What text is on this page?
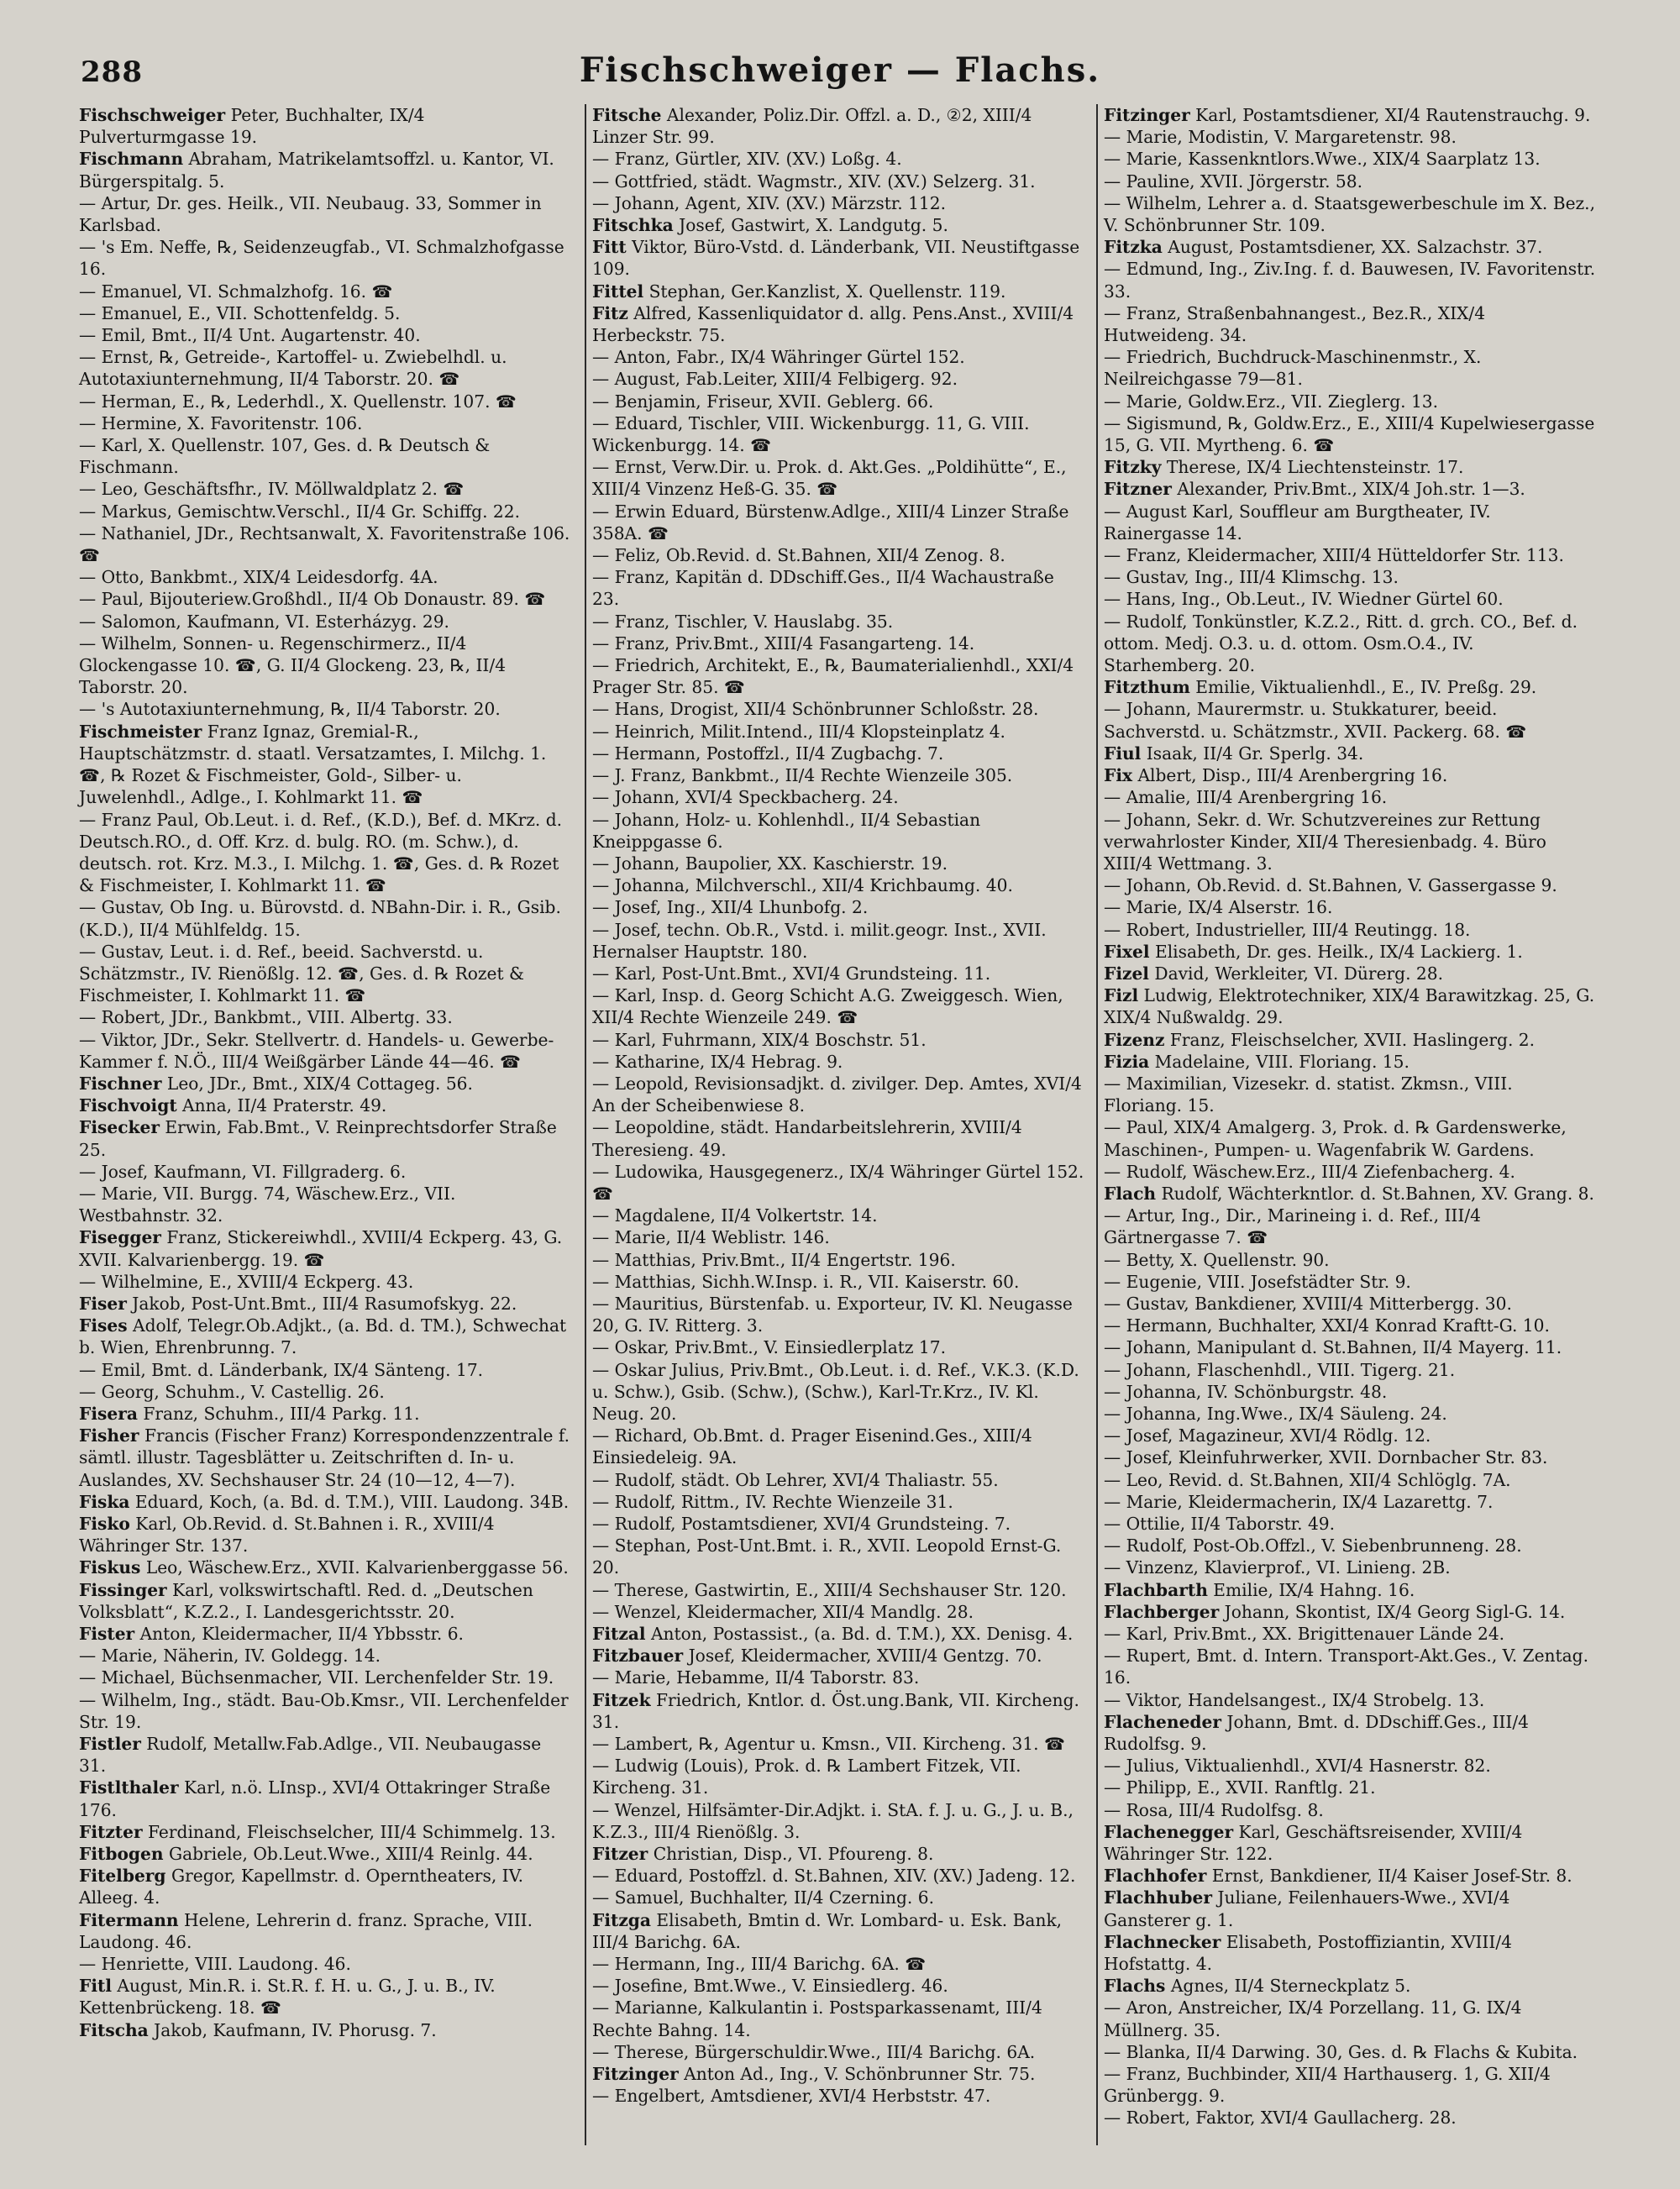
288	Fischschweiger — Flachs.

Fischschweiger Peter, Buchhalter, IX/4 Pulverturmgasse 19.

Fischmann Abraham, Matrikelamtsoffzl. u. Kantor, VI. Bürgerspitalg. 5.

— Artur, Dr. ges. Heilk., VII. Neubaug. 33, Sommer in Karlsbad.

— 's Em. Neffe, ℞, Seidenzeugfab., VI. Schmalzhofgasse 16.

— Emanuel, VI. Schmalzhofg. 16. ☎

— Emanuel, E., VII. Schottenfeldg. 5.

— Emil, Bmt., II/4 Unt. Augartenstr. 40.

— Ernst, ℞, Getreide-, Kartoffel- u. Zwiebelhdl. u. Autotaxiunternehmung, II/4 Taborstr. 20. ☎

— Herman, E., ℞, Lederhdl., X. Quellenstr. 107. ☎

— Hermine, X. Favoritenstr. 106.

— Karl, X. Quellenstr. 107, Ges. d. ℞ Deutsch & Fischmann.

— Leo, Geschäftsfhr., IV. Möllwaldplatz 2. ☎

— Markus, Gemischtw.Verschl., II/4 Gr. Schiffg. 22.

— Nathaniel, JDr., Rechtsanwalt, X. Favoritenstraße 106. ☎

— Otto, Bankbmt., XIX/4 Leidesdorfg. 4A.

— Paul, Bijouteriew.Großhdl., II/4 Ob Donaustr. 89. ☎

— Salomon, Kaufmann, VI. Esterházyg. 29.

— Wilhelm, Sonnen- u. Regenschirmerz., II/4 Glockengasse 10. ☎, G. II/4 Glockeng. 23, ℞, II/4 Taborstr. 20.

— 's Autotaxiunternehmung, ℞, II/4 Taborstr. 20.

Fischmeister Franz Ignaz, Gremial-R., Hauptschätzmstr. d. staatl. Versatzamtes, I. Milchg. 1. ☎, ℞ Rozet & Fischmeister, Gold-, Silber- u. Juwelenhdl., Adlge., I. Kohlmarkt 11. ☎

— Franz Paul, Ob.Leut. i. d. Ref., (K.D.), Bef. d. MKrz. d. Deutsch.RO., d. Off. Krz. d. bulg. RO. (m. Schw.), d. deutsch. rot. Krz. M.3., I. Milchg. 1. ☎, Ges. d. ℞ Rozet & Fischmeister, I. Kohlmarkt 11. ☎

— Gustav, Ob Ing. u. Bürovstd. d. NBahn-Dir. i. R., Gsib. (K.D.), II/4 Mühlfeldg. 15.

— Gustav, Leut. i. d. Ref., beeid. Sachverstd. u. Schätzmstr., IV. Rienößlg. 12. ☎, Ges. d. ℞ Rozet & Fischmeister, I. Kohlmarkt 11. ☎

— Robert, JDr., Bankbmt., VIII. Albertg. 33.

— Viktor, JDr., Sekr. Stellvertr. d. Handels- u. Gewerbe-Kammer f. N.Ö., III/4 Weißgärber Lände 44—46. ☎

Fischner Leo, JDr., Bmt., XIX/4 Cottageg. 56.

Fischvoigt Anna, II/4 Praterstr. 49.

Fisecker Erwin, Fab.Bmt., V. Reinprechtsdorfer Straße 25.

— Josef, Kaufmann, VI. Fillgraderg. 6.

— Marie, VII. Burgg. 74, Wäschew.Erz., VII. Westbahnstr. 32.

Fisegger Franz, Stickereiwhdl., XVIII/4 Eckperg. 43, G. XVII. Kalvarienbergg. 19. ☎

— Wilhelmine, E., XVIII/4 Eckperg. 43.

Fiser Jakob, Post-Unt.Bmt., III/4 Rasumofskyg. 22.

Fises Adolf, Telegr.Ob.Adjkt., (a. Bd. d. TM.), Schwechat b. Wien, Ehrenbrunng. 7.

— Emil, Bmt. d. Länderbank, IX/4 Sänteng. 17.

— Georg, Schuhm., V. Castellig. 26.

Fisera Franz, Schuhm., III/4 Parkg. 11.

Fisher Francis (Fischer Franz) Korrespondenzzentrale f. sämtl. illustr. Tagesblätter u. Zeitschriften d. In- u. Auslandes, XV. Sechshauser Str. 24 (10—12, 4—7).

Fiska Eduard, Koch, (a. Bd. d. T.M.), VIII. Laudong. 34B.

Fisko Karl, Ob.Revid. d. St.Bahnen i. R., XVIII/4 Währinger Str. 137.

Fiskus Leo, Wäschew.Erz., XVII. Kalvarienberggasse 56.

Fissinger Karl, volkswirtschaftl. Red. d. „Deutschen Volksblatt“, K.Z.2., I. Landesgerichtsstr. 20.

Fister Anton, Kleidermacher, II/4 Ybbsstr. 6.

— Marie, Näherin, IV. Goldegg. 14.

— Michael, Büchsenmacher, VII. Lerchenfelder Str. 19.

— Wilhelm, Ing., städt. Bau-Ob.Kmsr., VII. Lerchenfelder Str. 19.

Fistler Rudolf, Metallw.Fab.Adlge., VII. Neubaugasse 31.

Fistlthaler Karl, n.ö. LInsp., XVI/4 Ottakringer Straße 176.

Fitzter Ferdinand, Fleischselcher, III/4 Schimmelg. 13.

Fitbogen Gabriele, Ob.Leut.Wwe., XIII/4 Reinlg. 44.

Fitelberg Gregor, Kapellmstr. d. Operntheaters, IV. Alleeg. 4.

Fitermann Helene, Lehrerin d. franz. Sprache, VIII. Laudong. 46.

— Henriette, VIII. Laudong. 46.

Fitl August, Min.R. i. St.R. f. H. u. G., J. u. B., IV. Kettenbrückeng. 18. ☎

Fitscha Jakob, Kaufmann, IV. Phorusg. 7.

Fitsche Alexander, Poliz.Dir. Offzl. a. D., ②2, XIII/4 Linzer Str. 99.

— Franz, Gürtler, XIV. (XV.) Loßg. 4.

— Gottfried, städt. Wagmstr., XIV. (XV.) Selzerg. 31.

— Johann, Agent, XIV. (XV.) Märzstr. 112.

Fitschka Josef, Gastwirt, X. Landgutg. 5.

Fitt Viktor, Büro-Vstd. d. Länderbank, VII. Neustiftgasse 109.

Fittel Stephan, Ger.Kanzlist, X. Quellenstr. 119.

Fitz Alfred, Kassenliquidator d. allg. Pens.Anst., XVIII/4 Herbeckstr. 75.

— Anton, Fabr., IX/4 Währinger Gürtel 152.

— August, Fab.Leiter, XIII/4 Felbigerg. 92.

— Benjamin, Friseur, XVII. Geblerg. 66.

— Eduard, Tischler, VIII. Wickenburgg. 11, G. VIII. Wickenburgg. 14. ☎

— Ernst, Verw.Dir. u. Prok. d. Akt.Ges. „Poldihütte“, E., XIII/4 Vinzenz Heß-G. 35. ☎

— Erwin Eduard, Bürstenw.Adlge., XIII/4 Linzer Straße 358A. ☎

— Feliz, Ob.Revid. d. St.Bahnen, XII/4 Zenog. 8.

— Franz, Kapitän d. DDschiff.Ges., II/4 Wachaustraße 23.

— Franz, Tischler, V. Hauslabg. 35.

— Franz, Priv.Bmt., XIII/4 Fasangarteng. 14.

— Friedrich, Architekt, E., ℞, Baumaterialienhdl., XXI/4 Prager Str. 85. ☎

— Hans, Drogist, XII/4 Schönbrunner Schloßstr. 28.

— Heinrich, Milit.Intend., III/4 Klopsteinplatz 4.

— Hermann, Postoffzl., II/4 Zugbachg. 7.

— J. Franz, Bankbmt., II/4 Rechte Wienzeile 305.

— Johann, XVI/4 Speckbacherg. 24.

— Johann, Holz- u. Kohlenhdl., II/4 Sebastian Kneippgasse 6.

— Johann, Baupolier, XX. Kaschierstr. 19.

— Johanna, Milchverschl., XII/4 Krichbaumg. 40.

— Josef, Ing., XII/4 Lhunbofg. 2.

— Josef, techn. Ob.R., Vstd. i. milit.geogr. Inst., XVII. Hernalser Hauptstr. 180.

— Karl, Post-Unt.Bmt., XVI/4 Grundsteing. 11.

— Karl, Insp. d. Georg Schicht A.G. Zweiggesch. Wien, XII/4 Rechte Wienzeile 249. ☎

— Karl, Fuhrmann, XIX/4 Boschstr. 51.

— Katharine, IX/4 Hebrag. 9.

— Leopold, Revisionsadjkt. d. zivilger. Dep. Amtes, XVI/4 An der Scheibenwiese 8.

— Leopoldine, städt. Handarbeitslehrerin, XVIII/4 Theresieng. 49.

— Ludowika, Hausgegenerz., IX/4 Währinger Gürtel 152. ☎

— Magdalene, II/4 Volkertstr. 14.

— Marie, II/4 Weblistr. 146.

— Matthias, Priv.Bmt., II/4 Engertstr. 196.

— Matthias, Sichh.W.Insp. i. R., VII. Kaiserstr. 60.

— Mauritius, Bürstenfab. u. Exporteur, IV. Kl. Neugasse 20, G. IV. Ritterg. 3.

— Oskar, Priv.Bmt., V. Einsiedlerplatz 17.

— Oskar Julius, Priv.Bmt., Ob.Leut. i. d. Ref., V.K.3. (K.D. u. Schw.), Gsib. (Schw.), (Schw.), Karl-Tr.Krz., IV. Kl. Neug. 20.

— Richard, Ob.Bmt. d. Prager Eisenind.Ges., XIII/4 Einsiedeleig. 9A.

— Rudolf, städt. Ob Lehrer, XVI/4 Thaliastr. 55.

— Rudolf, Rittm., IV. Rechte Wienzeile 31.

— Rudolf, Postamtsdiener, XVI/4 Grundsteing. 7.

— Stephan, Post-Unt.Bmt. i. R., XVII. Leopold Ernst-G. 20.

— Therese, Gastwirtin, E., XIII/4 Sechshauser Str. 120.

— Wenzel, Kleidermacher, XII/4 Mandlg. 28.

Fitzal Anton, Postassist., (a. Bd. d. T.M.), XX. Denisg. 4.

Fitzbauer Josef, Kleidermacher, XVIII/4 Gentzg. 70.

— Marie, Hebamme, II/4 Taborstr. 83.

Fitzek Friedrich, Kntlor. d. Öst.ung.Bank, VII. Kircheng. 31.

— Lambert, ℞, Agentur u. Kmsn., VII. Kircheng. 31. ☎

— Ludwig (Louis), Prok. d. ℞ Lambert Fitzek, VII. Kircheng. 31.

— Wenzel, Hilfsämter-Dir.Adjkt. i. StA. f. J. u. G., J. u. B., K.Z.3., III/4 Rienößlg. 3.

Fitzer Christian, Disp., VI. Pfoureng. 8.

— Eduard, Postoffzl. d. St.Bahnen, XIV. (XV.) Jadeng. 12.

— Samuel, Buchhalter, II/4 Czerning. 6.

Fitzga Elisabeth, Bmtin d. Wr. Lombard- u. Esk. Bank, III/4 Barichg. 6A.

— Hermann, Ing., III/4 Barichg. 6A. ☎

— Josefine, Bmt.Wwe., V. Einsiedlerg. 46.

— Marianne, Kalkulantin i. Postsparkassenamt, III/4 Rechte Bahng. 14.

— Therese, Bürgerschuldir.Wwe., III/4 Barichg. 6A.

Fitzinger Anton Ad., Ing., V. Schönbrunner Str. 75.

— Engelbert, Amtsdiener, XVI/4 Herbststr. 47.

Fitzinger Karl, Postamtsdiener, XI/4 Rautenstrauchg. 9.

— Marie, Modistin, V. Margaretenstr. 98.

— Marie, Kassenkntlors.Wwe., XIX/4 Saarplatz 13.

— Pauline, XVII. Jörgerstr. 58.

— Wilhelm, Lehrer a. d. Staatsgewerbeschule im X. Bez., V. Schönbrunner Str. 109.

Fitzka August, Postamtsdiener, XX. Salzachstr. 37.

— Edmund, Ing., Ziv.Ing. f. d. Bauwesen, IV. Favoritenstr. 33.

— Franz, Straßenbahnangest., Bez.R., XIX/4 Hutweideng. 34.

— Friedrich, Buchdruck-Maschinenmstr., X. Neilreichgasse 79—81.

— Marie, Goldw.Erz., VII. Zieglerg. 13.

— Sigismund, ℞, Goldw.Erz., E., XIII/4 Kupelwiesergasse 15, G. VII. Myrtheng. 6. ☎

Fitzky Therese, IX/4 Liechtensteinstr. 17.

Fitzner Alexander, Priv.Bmt., XIX/4 Joh.str. 1—3.

— August Karl, Souffleur am Burgtheater, IV. Rainergasse 14.

— Franz, Kleidermacher, XIII/4 Hütteldorfer Str. 113.

— Gustav, Ing., III/4 Klimschg. 13.

— Hans, Ing., Ob.Leut., IV. Wiedner Gürtel 60.

— Rudolf, Tonkünstler, K.Z.2., Ritt. d. grch. CO., Bef. d. ottom. Medj. O.3. u. d. ottom. Osm.O.4., IV. Starhemberg. 20.

Fitzthum Emilie, Viktualienhdl., E., IV. Preßg. 29.

— Johann, Maurermstr. u. Stukkaturer, beeid. Sachverstd. u. Schätzmstr., XVII. Packerg. 68. ☎

Fiul Isaak, II/4 Gr. Sperlg. 34.

Fix Albert, Disp., III/4 Arenbergring 16.

— Amalie, III/4 Arenbergring 16.

— Johann, Sekr. d. Wr. Schutzvereines zur Rettung verwahrloster Kinder, XII/4 Theresienbadg. 4. Büro XIII/4 Wettmang. 3.

— Johann, Ob.Revid. d. St.Bahnen, V. Gassergasse 9.

— Marie, IX/4 Alserstr. 16.

— Robert, Industrieller, III/4 Reutingg. 18.

Fixel Elisabeth, Dr. ges. Heilk., IX/4 Lackierg. 1.

Fizel David, Werkleiter, VI. Dürerg. 28.

Fizl Ludwig, Elektrotechniker, XIX/4 Barawitzkag. 25, G. XIX/4 Nußwaldg. 29.

Fizenz Franz, Fleischselcher, XVII. Haslingerg. 2.

Fizia Madelaine, VIII. Floriang. 15.

— Maximilian, Vizesekr. d. statist. Zkmsn., VIII. Floriang. 15.

— Paul, XIX/4 Amalgerg. 3, Prok. d. ℞ Gardenswerke, Maschinen-, Pumpen- u. Wagenfabrik W. Gardens.

— Rudolf, Wäschew.Erz., III/4 Ziefenbacherg. 4.

Flach Rudolf, Wächterkntlor. d. St.Bahnen, XV. Grang. 8.

— Artur, Ing., Dir., Marineing i. d. Ref., III/4 Gärtnergasse 7. ☎

— Betty, X. Quellenstr. 90.

— Eugenie, VIII. Josefstädter Str. 9.

— Gustav, Bankdiener, XVIII/4 Mitterbergg. 30.

— Hermann, Buchhalter, XXI/4 Konrad Kraftt-G. 10.

— Johann, Manipulant d. St.Bahnen, II/4 Mayerg. 11.

— Johann, Flaschenhdl., VIII. Tigerg. 21.

— Johanna, IV. Schönburgstr. 48.

— Johanna, Ing.Wwe., IX/4 Säuleng. 24.

— Josef, Magazineur, XVI/4 Rödlg. 12.

— Josef, Kleinfuhrwerker, XVII. Dornbacher Str. 83.

— Leo, Revid. d. St.Bahnen, XII/4 Schlöglg. 7A.

— Marie, Kleidermacherin, IX/4 Lazarettg. 7.

— Ottilie, II/4 Taborstr. 49.

— Rudolf, Post-Ob.Offzl., V. Siebenbrunneng. 28.

— Vinzenz, Klavierprof., VI. Linieng. 2B.

Flachbarth Emilie, IX/4 Hahng. 16.

Flachberger Johann, Skontist, IX/4 Georg Sigl-G. 14.

— Karl, Priv.Bmt., XX. Brigittenauer Lände 24.

— Rupert, Bmt. d. Intern. Transport-Akt.Ges., V. Zentag. 16.

— Viktor, Handelsangest., IX/4 Strobelg. 13.

Flacheneder Johann, Bmt. d. DDschiff.Ges., III/4 Rudolfsg. 9.

— Julius, Viktualienhdl., XVI/4 Hasnerstr. 82.

— Philipp, E., XVII. Ranftlg. 21.

— Rosa, III/4 Rudolfsg. 8.

Flachenegger Karl, Geschäftsreisender, XVIII/4 Währinger Str. 122.

Flachhofer Ernst, Bankdiener, II/4 Kaiser Josef-Str. 8.

Flachhuber Juliane, Feilenhauers-Wwe., XVI/4 Gansterer g. 1.

Flachnecker Elisabeth, Postoffiziantin, XVIII/4 Hofstattg. 4.

Flachs Agnes, II/4 Sterneckplatz 5.

— Aron, Anstreicher, IX/4 Porzellang. 11, G. IX/4 Müllnerg. 35.

— Blanka, II/4 Darwing. 30, Ges. d. ℞ Flachs & Kubita.

— Franz, Buchbinder, XII/4 Harthauserg. 1, G. XII/4 Grünbergg. 9.

— Robert, Faktor, XVI/4 Gaullacherg. 28.
